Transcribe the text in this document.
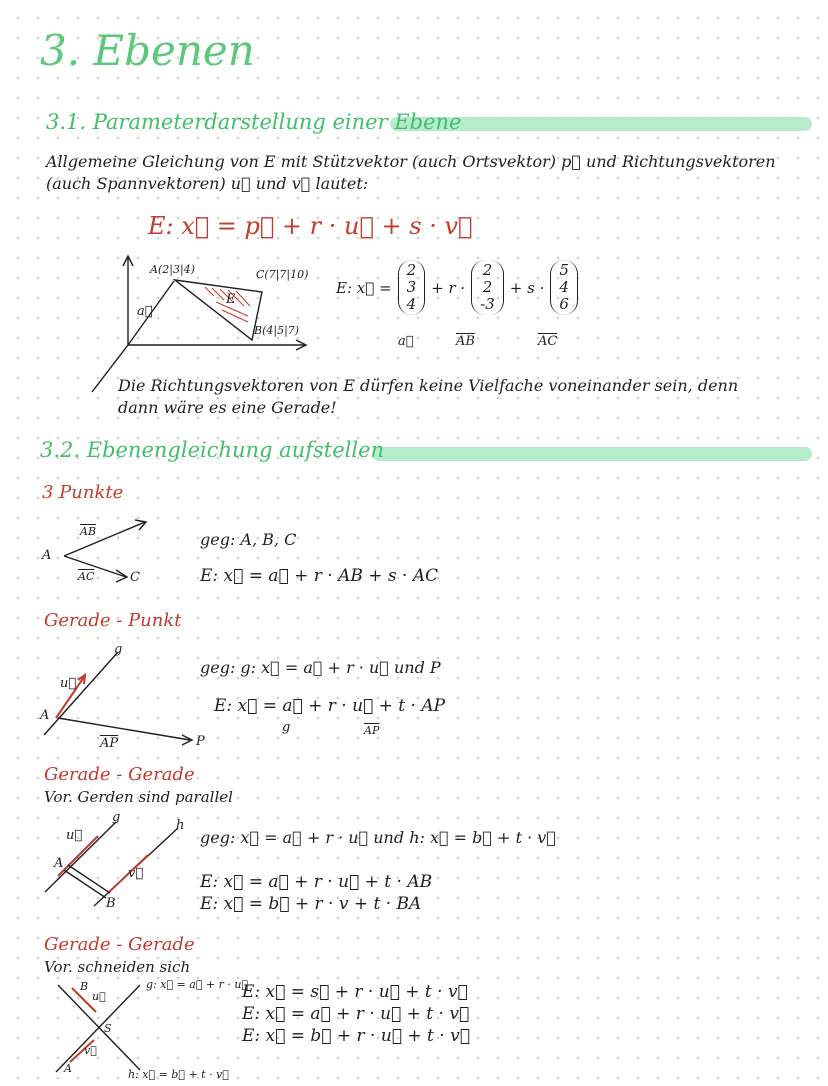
3. Ebenen
3.1. Parameterdarstellung einer Ebene
Allgemeine Gleichung von E mit Stützvektor (auch Ortsvektor) p⃗ und Richtungsvektoren
(auch Spannvektoren) u⃗ und v⃗ lautet:
E: x⃗ = p⃗ + r · u⃗ + s · v⃗
A(2|3|4)	C(7|7|10)
B(4|5|7)
E
a⃗
E: x⃗ =
2
3
4
+ r ·
2
2
-3
+ s ·
5
4
6
a⃗	$\overline{AB}$	$\overline{AC}$
Die Richtungsvektoren von E dürfen keine Vielfache voneinander sein, denn
dann wäre es eine Gerade!
3.2. Ebenengleichung aufstellen
3 Punkte
A
$\overline{AB}$
$\overline{AC}$	C
geg: A, B, C
E: x⃗ = a⃗ + r · AB + s · AC
Gerade - Punkt
g
u⃗
A
$\overline{AP}$	P
geg: g: x⃗ = a⃗ + r · u⃗ und P
E: x⃗ = a⃗ + r · u⃗ + t · AP
g	$\overline{AP}$
Gerade - Gerade
Vor. Gerden sind parallel
g
h
u⃗
v⃗
A
B
geg: x⃗ = a⃗ + r · u⃗ und h: x⃗ = b⃗ + t · v⃗
E: x⃗ = a⃗ + r · u⃗ + t · AB
E: x⃗ = b⃗ + r · v + t · BA
Gerade - Gerade
Vor. schneiden sich
B
A
S
u⃗
v⃗
g: x⃗ = a⃗ + r · u⃗
h: x⃗ = b⃗ + t · v⃗
E: x⃗ = s⃗ + r · u⃗ + t · v⃗
E: x⃗ = a⃗ + r · u⃗ + t · v⃗
E: x⃗ = b⃗ + r · u⃗ + t · v⃗
